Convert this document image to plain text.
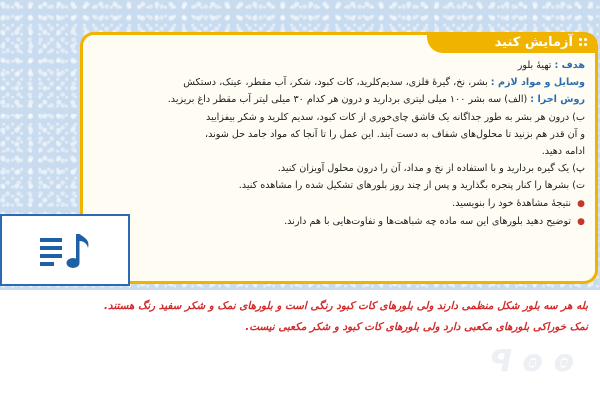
آزمایش کنید

هدف : تهیهٔ بلور

وسایل و مواد لازم : بشر، نخ، گیرهٔ فلزی، سدیم‌کلرید، کات کبود، شکر، آب مقطر، عینک، دستکش

روش اجرا : (الف) سه بشر ۱۰۰ میلی لیتری بردارید و درون هر کدام ۳۰ میلی لیتر آب مقطر داغ بریزید.

ب) درون هر بشر به طور جداگانه یک قاشق چای‌خوری از کات کبود، سدیم کلرید و شکر بیفزایید

و آن قدر هم بزنید تا محلول‌های شفاف به دست آیند. این عمل را تا آنجا که مواد جامد حل شوند،

ادامه دهید.

پ) یک گیره بردارید و با استفاده از نخ و مداد، آن را درون محلول آویزان کنید.

ت) بشرها را کنار پنجره بگذارید و پس از چند روز بلورهای تشکیل شده را مشاهده کنید.

● نتیجهٔ مشاهدهٔ خود را بنویسید.

● توضیح دهید بلورهای این سه ماده چه شباهت‌ها و تفاوت‌هایی با هم دارند.

بله هر سه بلور شکل منظمی دارند ولی بلورهای کات کبود رنگی است و بلورهای نمک و شکر سفید رنگ هستند.

نمک خوراکی بلورهای مکعبی دارد ولی بلورهای کات کبود و شکر مکعبی نیست.

ꟼ ꙩ ꙩ
